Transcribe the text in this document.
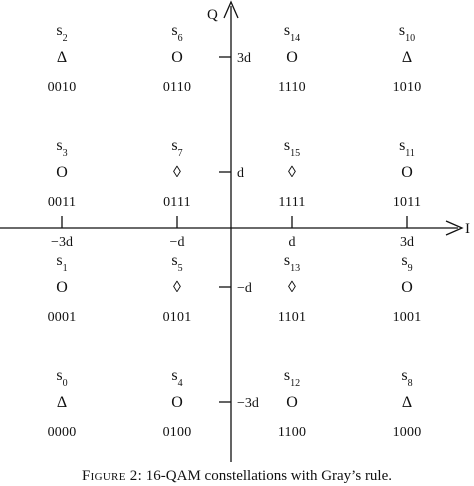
I
Q
−3d	−d	d	3d
3d
d
−d
−3d
$s_2$
Δ
0010
$s_6$
O
0110
$s_{14}$
O
1110
$s_{10}$
Δ
1010
$s_3$
O
0011
$s_7$
◊
0111
$s_{15}$
◊
1111
$s_{11}$
O
1011
$s_1$
O
0001
$s_5$
◊
0101
$s_{13}$
◊
1101
$s_9$
O
1001
$s_0$
Δ
0000
$s_4$
O
0100
$s_{12}$
O
1100
$s_8$
Δ
1000
Figure 2: 16-QAM constellations with Gray’s rule.
